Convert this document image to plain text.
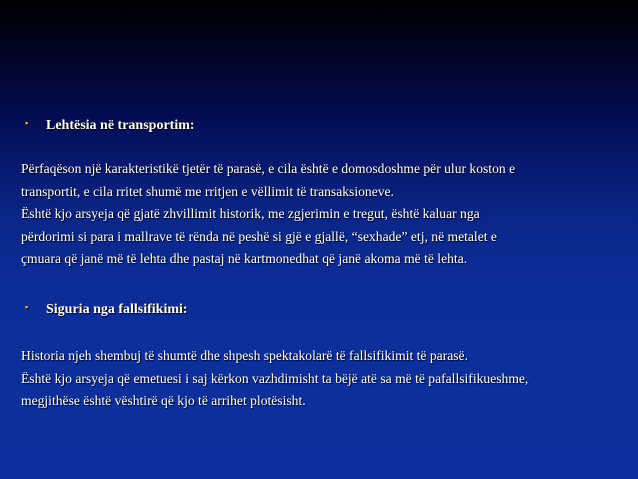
▪ Lehtësia në transportim:

Përfaqëson një karakteristikë tjetër të parasë, e cila është e domosdoshme për ulur koston e

transportit, e cila rritet shumë me rritjen e vëllimit të transaksioneve.

Është kjo arsyeja që gjatë zhvillimit historik, me zgjerimin e tregut, është kaluar nga

përdorimi si para i mallrave të rënda në peshë si gjë e gjallë, “sexhade” etj, në metalet e

çmuara që janë më të lehta dhe pastaj në kartmonedhat që janë akoma më të lehta.

▪ Siguria nga fallsifikimi:

Historia njeh shembuj të shumtë dhe shpesh spektakolarë të fallsifikimit të parasë.

Është kjo arsyeja që emetuesi i saj kërkon vazhdimisht ta bëjë atë sa më të pafallsifikueshme,

megjithëse është vështirë që kjo të arrihet plotësisht.
